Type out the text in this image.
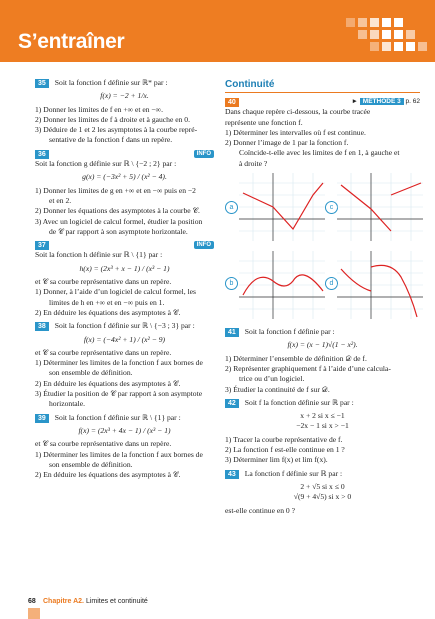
S’entraîner
35 Soit la fonction f définie sur ℝ* par :
f(x) = −2 + 1/x.
1) Donner les limites de f en +∞ et en −∞.
2) Donner les limites de f à droite et à gauche en 0.
3) Déduire de 1 et 2 les asymptotes à la courbe repré-
sentative de la fonction f dans un repère.
36	INFO
Soit la fonction g définie sur ℝ \ {−2 ; 2} par :
g(x) = (−3x² + 5) / (x² − 4).
1) Donner les limites de g en +∞ et en −∞ puis en −2
et en 2.
2) Donner les équations des asymptotes à la courbe 𝒞.
3) Avec un logiciel de calcul formel, étudier la position
de 𝒞 par rapport à son asymptote horizontale.
37	INFO
Soit la fonction h définie sur ℝ \ {1} par :
h(x) = (2x³ + x − 1) / (x³ − 1)
et 𝒞 sa courbe représentative dans un repère.
1) Donner, à l’aide d’un logiciel de calcul formel, les
limites de h en +∞ et en −∞ puis en 1.
2) En déduire les équations des asymptotes à 𝒞.
38 Soit la fonction f définie sur ℝ \ {−3 ; 3} par :
f(x) = (−4x² + 1) / (x² − 9)
et 𝒞 sa courbe représentative dans un repère.
1) Déterminer les limites de la fonction f aux bornes de
son ensemble de définition.
2) En déduire les équations des asymptotes à 𝒞.
3) Étudier la position de 𝒞 par rapport à son asymptote
horizontale.
39 Soit la fonction f définie sur ℝ \ {1} par :
f(x) = (2x³ + 4x − 1) / (x³ − 1)
et 𝒞 sa courbe représentative dans un repère.
1) Déterminer les limites de la fonction f aux bornes de
son ensemble de définition.
2) En déduire les équations des asymptotes à 𝒞.
Continuité
40	► MÉTHODE 3 p. 62
Dans chaque repère ci-dessous, la courbe tracée
représente une fonction f.
1) Déterminer les intervalles où f est continue.
2) Donner l’image de 1 par la fonction f.
Coïncide-t-elle avec les limites de f en 1, à gauche et
à droite ?
a	c
b	d
41 Soit la fonction f définie par :
f(x) = (x − 1)√(1 − x²).
1) Déterminer l’ensemble de définition 𝒟 de f.
2) Représenter graphiquement f à l’aide d’une calcula-
trice ou d’un logiciel.
3) Étudier la continuité de f sur 𝒟.
42 Soit f la fonction définie sur ℝ par :
x + 2 si x ≤ −1
−2x − 1 si x > −1
1) Tracer la courbe représentative de f.
2) La fonction f est-elle continue en 1 ?
3) Déterminer lim f(x) et lim f(x).
43 La fonction f définie sur ℝ par :
2 + √5 si x ≤ 0
√(9 + 4√5) si x > 0
est-elle continue en 0 ?
68 Chapitre A2. Limites et continuité
